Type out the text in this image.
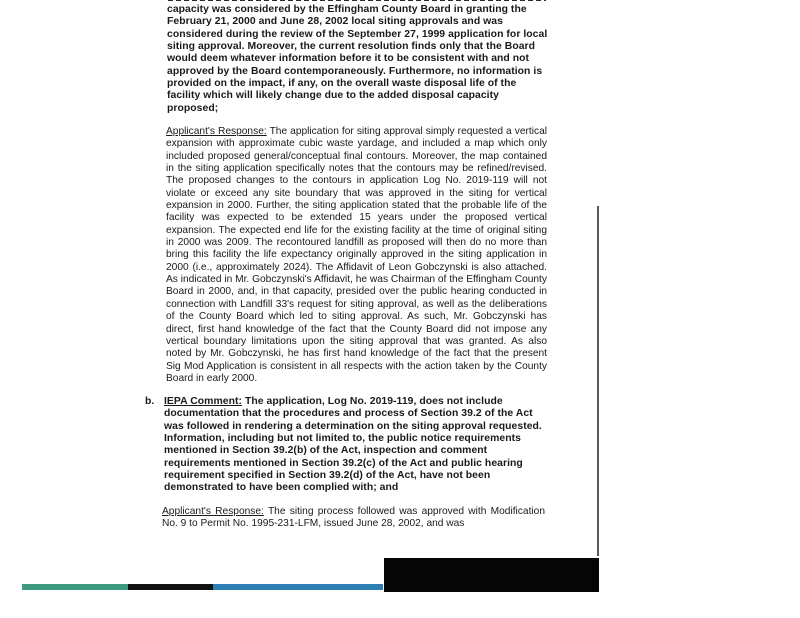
capacity was considered by the Effingham County Board in granting the February 21, 2000 and June 28, 2002 local siting approvals and was considered during the review of the September 27, 1999 application for local siting approval. Moreover, the current resolution finds only that the Board would deem whatever information before it to be consistent with and not approved by the Board contemporaneously. Furthermore, no information is provided on the impact, if any, on the overall waste disposal life of the facility which will likely change due to the added disposal capacity proposed;

Applicant's Response: The application for siting approval simply requested a vertical expansion with approximate cubic waste yardage, and included a map which only included proposed general/conceptual final contours. Moreover, the map contained in the siting application specifically notes that the contours may be refined/revised. The proposed changes to the contours in application Log No. 2019-119 will not violate or exceed any site boundary that was approved in the siting for vertical expansion in 2000. Further, the siting application stated that the probable life of the facility was expected to be extended 15 years under the proposed vertical expansion. The expected end life for the existing facility at the time of original siting in 2000 was 2009. The recontoured landfill as proposed will then do no more than bring this facility the life expectancy originally approved in the siting application in 2000 (i.e., approximately 2024). The Affidavit of Leon Gobczynski is also attached. As indicated in Mr. Gobczynski's Affidavit, he was Chairman of the Effingham County Board in 2000, and, in that capacity, presided over the public hearing conducted in connection with Landfill 33's request for siting approval, as well as the deliberations of the County Board which led to siting approval. As such, Mr. Gobczynski has direct, first hand knowledge of the fact that the County Board did not impose any vertical boundary limitations upon the siting approval that was granted. As also noted by Mr. Gobczynski, he has first hand knowledge of the fact that the present Sig Mod Application is consistent in all respects with the action taken by the County Board in early 2000.

b. IEPA Comment: The application, Log No. 2019-119, does not include documentation that the procedures and process of Section 39.2 of the Act was followed in rendering a determination on the siting approval requested. Information, including but not limited to, the public notice requirements mentioned in Section 39.2(b) of the Act, inspection and comment requirements mentioned in Section 39.2(c) of the Act and public hearing requirement specified in Section 39.2(d) of the Act, have not been demonstrated to have been complied with; and

Applicant's Response: The siting process followed was approved with Modification No. 9 to Permit No. 1995-231-LFM, issued June 28, 2002, and was
